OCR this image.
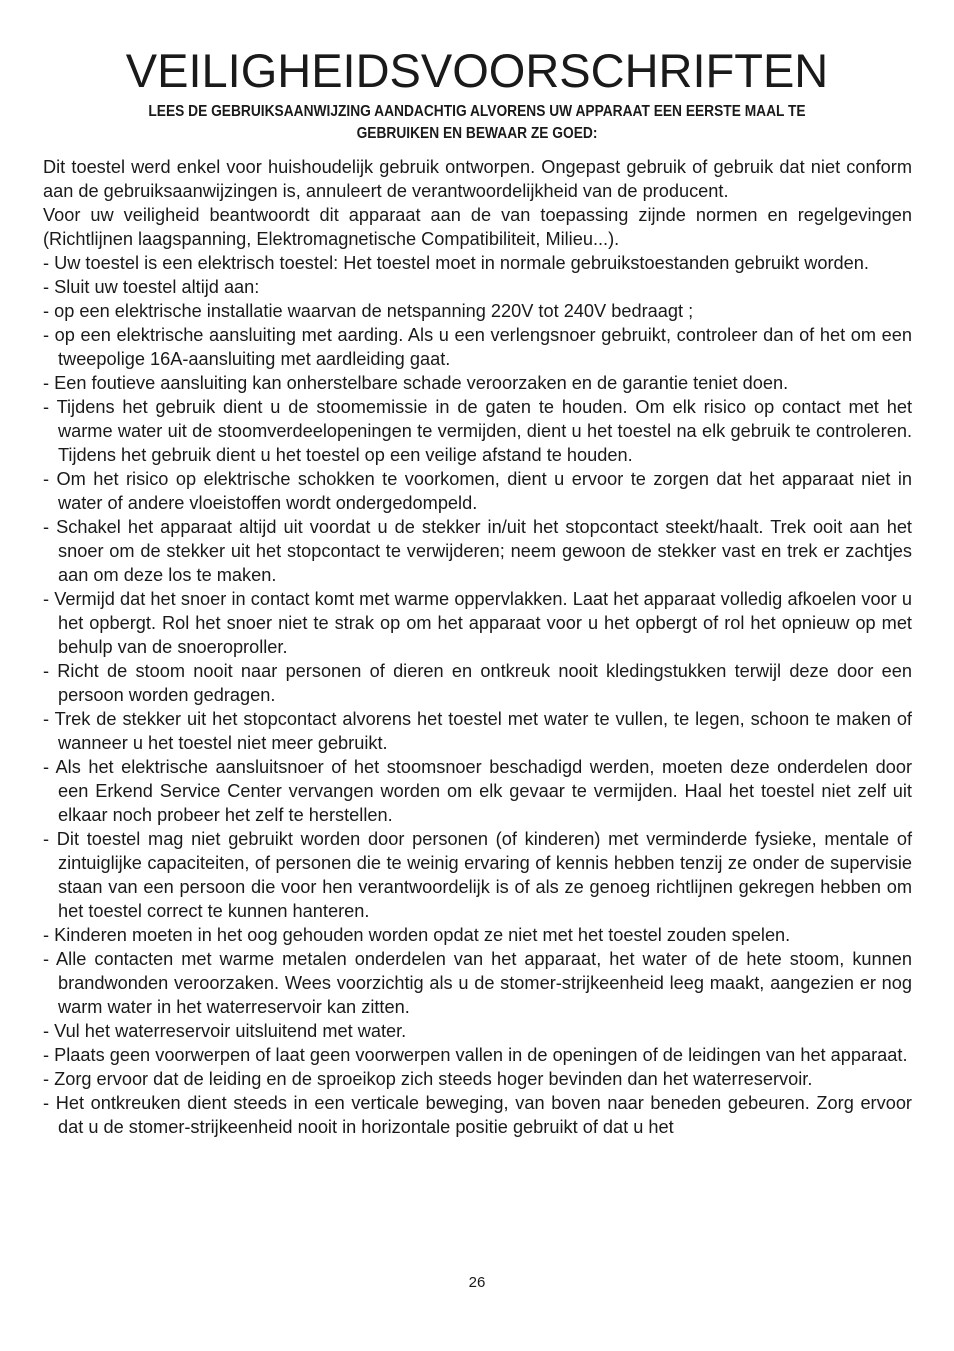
VEILIGHEIDSVOORSCHRIFTEN
LEES DE GEBRUIKSAANWIJZING AANDACHTIG ALVORENS UW APPARAAT EEN EERSTE MAAL TE GEBRUIKEN EN BEWAAR ZE GOED:

Dit toestel werd enkel voor huishoudelijk gebruik ontworpen. Ongepast gebruik of gebruik dat niet conform aan de gebruiksaanwijzingen is, annuleert de verantwoordelijkheid van de producent.

Voor uw veiligheid beantwoordt dit apparaat aan de van toepassing zijnde normen en regelgevingen (Richtlijnen laagspanning, Elektromagnetische Compatibiliteit, Milieu...).

- Uw toestel is een elektrisch toestel: Het toestel moet in normale gebruikstoestanden gebruikt worden.

- Sluit uw toestel altijd aan:

- op een elektrische installatie waarvan de netspanning 220V tot 240V bedraagt ;

- op een elektrische aansluiting met aarding. Als u een verlengsnoer gebruikt, controleer dan of het om een tweepolige 16A-aansluiting met aardleiding gaat.

- Een foutieve aansluiting kan onherstelbare schade veroorzaken en de garantie teniet doen.

- Tijdens het gebruik dient u de stoomemissie in de gaten te houden. Om elk risico op contact met het warme water uit de stoomverdeelopeningen te vermijden, dient u het toestel na elk gebruik te controleren. Tijdens het gebruik dient u het toestel op een veilige afstand te houden.

- Om het risico op elektrische schokken te voorkomen, dient u ervoor te zorgen dat het apparaat niet in water of andere vloeistoffen wordt ondergedompeld.

- Schakel het apparaat altijd uit voordat u de stekker in/uit het stopcontact steekt/haalt. Trek ooit aan het snoer om de stekker uit het stopcontact te verwijderen; neem gewoon de stekker vast en trek er zachtjes aan om deze los te maken.

- Vermijd dat het snoer in contact komt met warme oppervlakken. Laat het apparaat volledig afkoelen voor u het opbergt. Rol het snoer niet te strak op om het apparaat voor u het opbergt of rol het opnieuw op met behulp van de snoeroproller.

- Richt de stoom nooit naar personen of dieren en ontkreuk nooit kledingstukken terwijl deze door een persoon worden gedragen.

- Trek de stekker uit het stopcontact alvorens het toestel met water te vullen, te legen, schoon te maken of wanneer u het toestel niet meer gebruikt.

- Als het elektrische aansluitsnoer of het stoomsnoer beschadigd werden, moeten deze onderdelen door een Erkend Service Center vervangen worden om elk gevaar te vermijden. Haal het toestel niet zelf uit elkaar noch probeer het zelf te herstellen.

- Dit toestel mag niet gebruikt worden door personen (of kinderen) met verminderde fysieke, mentale of zintuiglijke capaciteiten, of personen die te weinig ervaring of kennis hebben tenzij ze onder de supervisie staan van een persoon die voor hen verantwoordelijk is of als ze genoeg richtlijnen gekregen hebben om het toestel correct te kunnen hanteren.

- Kinderen moeten in het oog gehouden worden opdat ze niet met het toestel zouden spelen.

- Alle contacten met warme metalen onderdelen van het apparaat, het water of de hete stoom, kunnen brandwonden veroorzaken. Wees voorzichtig als u de stomer-strijkeenheid leeg maakt, aangezien er nog warm water in het waterreservoir kan zitten.

- Vul het waterreservoir uitsluitend met water.

- Plaats geen voorwerpen of laat geen voorwerpen vallen in de openingen of de leidingen van het apparaat.

- Zorg ervoor dat de leiding en de sproeikop zich steeds hoger bevinden dan het waterreservoir.

- Het ontkreuken dient steeds in een verticale beweging, van boven naar beneden gebeuren. Zorg ervoor dat u de stomer-strijkeenheid nooit in horizontale positie gebruikt of dat u het

26
